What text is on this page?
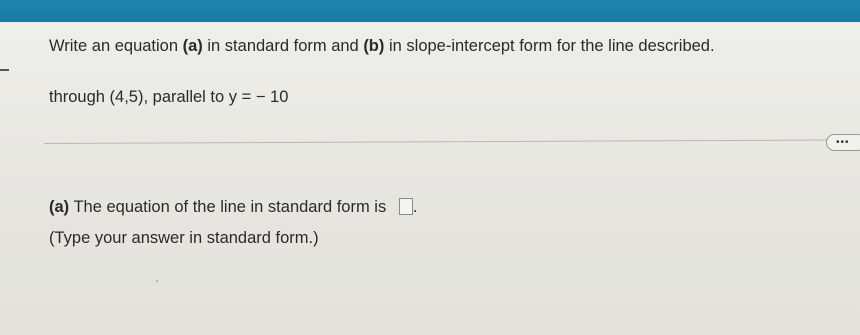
Write an equation (a) in standard form and (b) in slope-intercept form for the line described.
through (4,5), parallel to y = − 10
•••
(a) The equation of the line in standard form is .
(Type your answer in standard form.)
